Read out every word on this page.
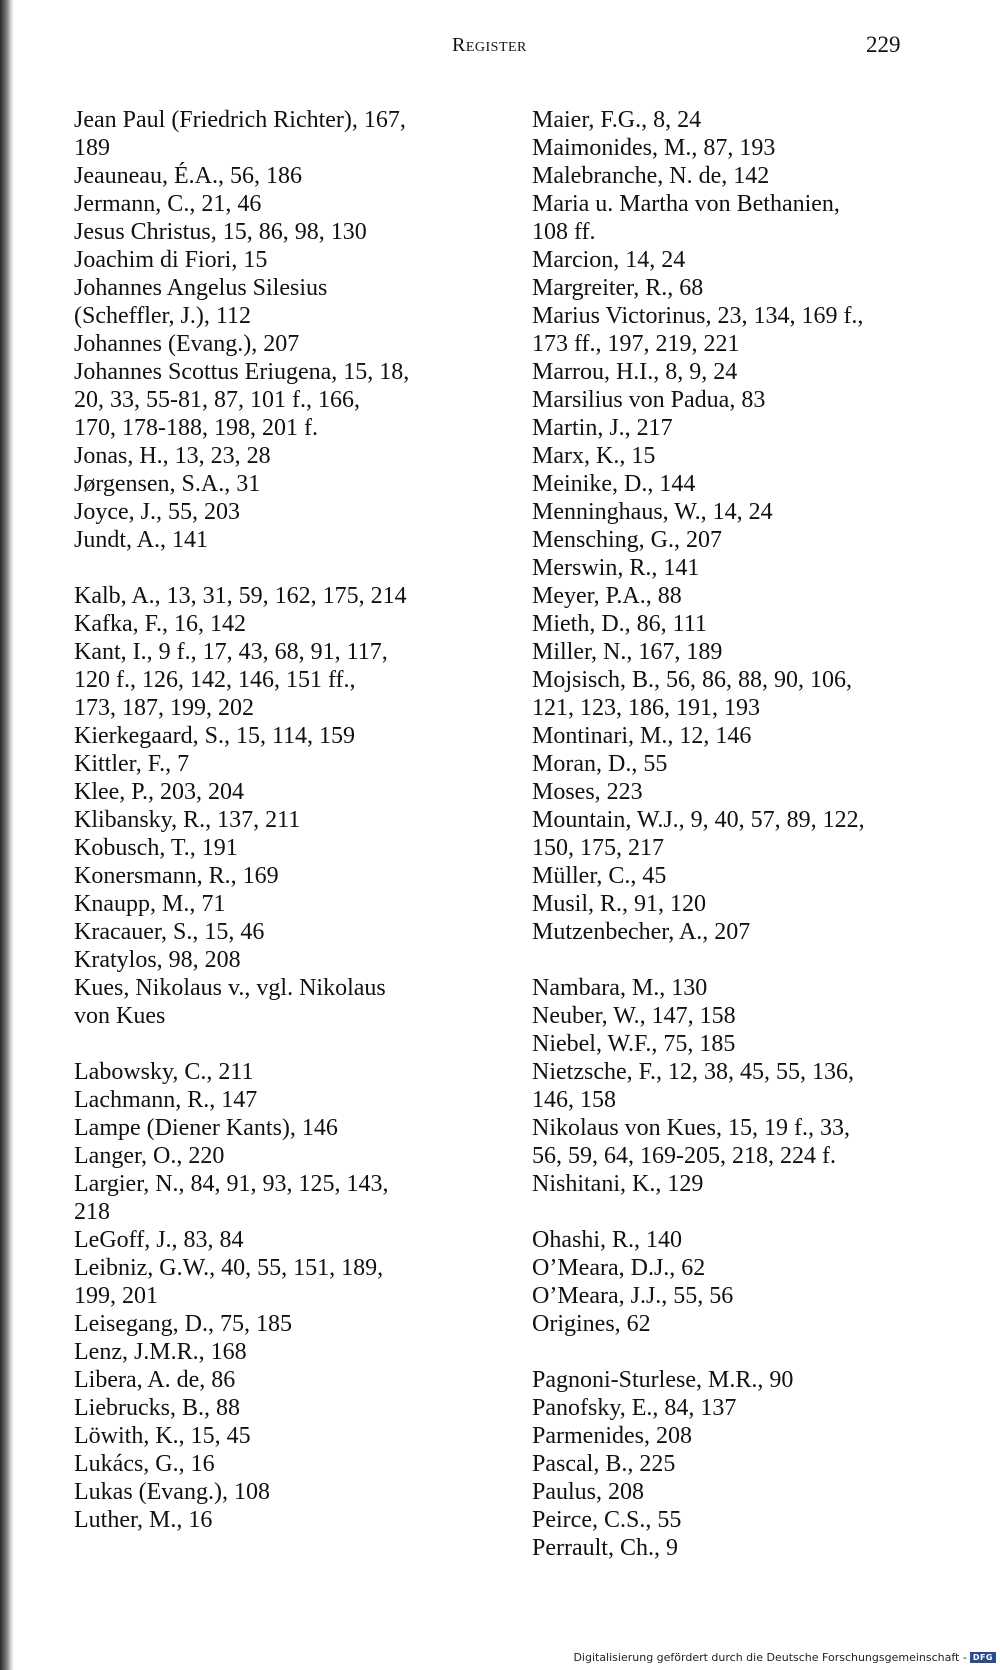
Register	229
Jean Paul (Friedrich Richter), 167,
189
Jeauneau, É.A., 56, 186
Jermann, C., 21, 46
Jesus Christus, 15, 86, 98, 130
Joachim di Fiori, 15
Johannes Angelus Silesius
(Scheffler, J.), 112
Johannes (Evang.), 207
Johannes Scottus Eriugena, 15, 18,
20, 33, 55-81, 87, 101 f., 166,
170, 178-188, 198, 201 f.
Jonas, H., 13, 23, 28
Jørgensen, S.A., 31
Joyce, J., 55, 203
Jundt, A., 141
Kalb, A., 13, 31, 59, 162, 175, 214
Kafka, F., 16, 142
Kant, I., 9 f., 17, 43, 68, 91, 117,
120 f., 126, 142, 146, 151 ff.,
173, 187, 199, 202
Kierkegaard, S., 15, 114, 159
Kittler, F., 7
Klee, P., 203, 204
Klibansky, R., 137, 211
Kobusch, T., 191
Konersmann, R., 169
Knaupp, M., 71
Kracauer, S., 15, 46
Kratylos, 98, 208
Kues, Nikolaus v., vgl. Nikolaus
von Kues
Labowsky, C., 211
Lachmann, R., 147
Lampe (Diener Kants), 146
Langer, O., 220
Largier, N., 84, 91, 93, 125, 143,
218
LeGoff, J., 83, 84
Leibniz, G.W., 40, 55, 151, 189,
199, 201
Leisegang, D., 75, 185
Lenz, J.M.R., 168
Libera, A. de, 86
Liebrucks, B., 88
Löwith, K., 15, 45
Lukács, G., 16
Lukas (Evang.), 108
Luther, M., 16
Maier, F.G., 8, 24
Maimonides, M., 87, 193
Malebranche, N. de, 142
Maria u. Martha von Bethanien,
108 ff.
Marcion, 14, 24
Margreiter, R., 68
Marius Victorinus, 23, 134, 169 f.,
173 ff., 197, 219, 221
Marrou, H.I., 8, 9, 24
Marsilius von Padua, 83
Martin, J., 217
Marx, K., 15
Meinike, D., 144
Menninghaus, W., 14, 24
Mensching, G., 207
Merswin, R., 141
Meyer, P.A., 88
Mieth, D., 86, 111
Miller, N., 167, 189
Mojsisch, B., 56, 86, 88, 90, 106,
121, 123, 186, 191, 193
Montinari, M., 12, 146
Moran, D., 55
Moses, 223
Mountain, W.J., 9, 40, 57, 89, 122,
150, 175, 217
Müller, C., 45
Musil, R., 91, 120
Mutzenbecher, A., 207
Nambara, M., 130
Neuber, W., 147, 158
Niebel, W.F., 75, 185
Nietzsche, F., 12, 38, 45, 55, 136,
146, 158
Nikolaus von Kues, 15, 19 f., 33,
56, 59, 64, 169-205, 218, 224 f.
Nishitani, K., 129
Ohashi, R., 140
O’Meara, D.J., 62
O’Meara, J.J., 55, 56
Origines, 62
Pagnoni-Sturlese, M.R., 90
Panofsky, E., 84, 137
Parmenides, 208
Pascal, B., 225
Paulus, 208
Peirce, C.S., 55
Perrault, Ch., 9
Digitalisierung gefördert durch die Deutsche Forschungsgemeinschaft - DFG
